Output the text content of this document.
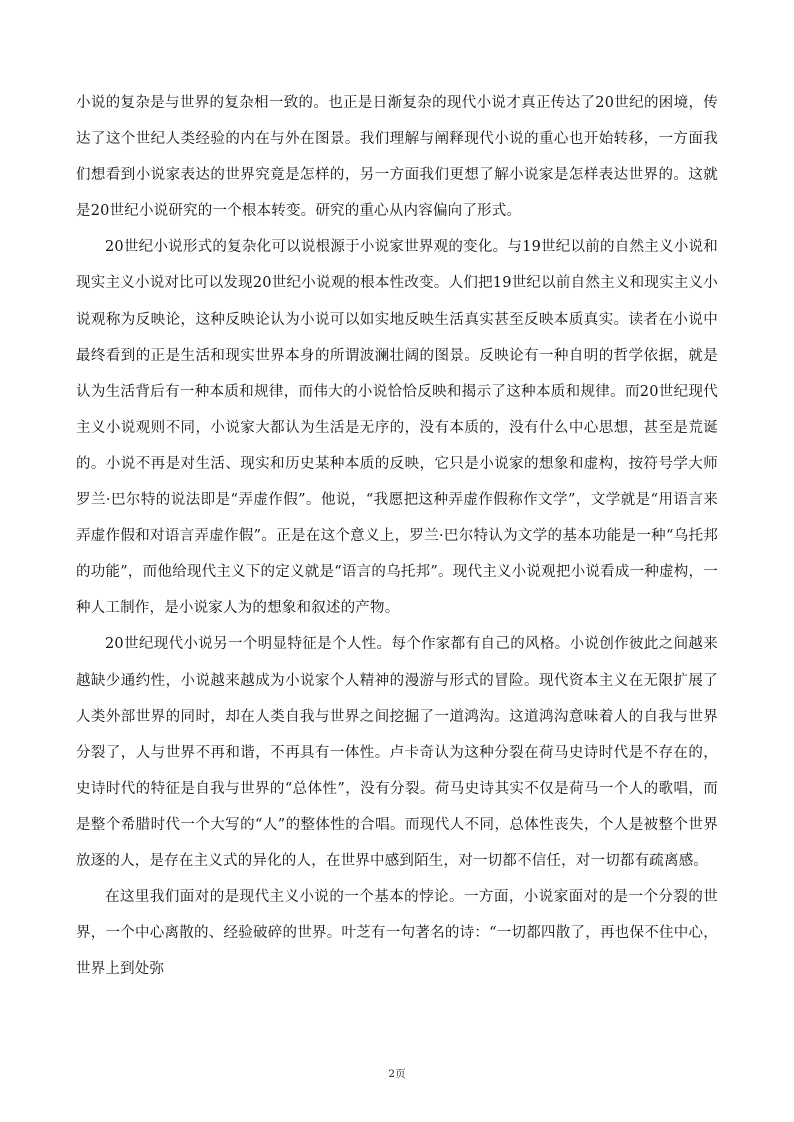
小说的复杂是与世界的复杂相一致的。也正是日渐复杂的现代小说才真正传达了20世纪的困境，传达了这个世纪人类经验的内在与外在图景。我们理解与阐释现代小说的重心也开始转移，一方面我们想看到小说家表达的世界究竟是怎样的，另一方面我们更想了解小说家是怎样表达世界的。这就是20世纪小说研究的一个根本转变。研究的重心从内容偏向了形式。

20世纪小说形式的复杂化可以说根源于小说家世界观的变化。与19世纪以前的自然主义小说和现实主义小说对比可以发现20世纪小说观的根本性改变。人们把19世纪以前自然主义和现实主义小说观称为反映论，这种反映论认为小说可以如实地反映生活真实甚至反映本质真实。读者在小说中最终看到的正是生活和现实世界本身的所谓波澜壮阔的图景。反映论有一种自明的哲学依据，就是认为生活背后有一种本质和规律，而伟大的小说恰恰反映和揭示了这种本质和规律。而20世纪现代主义小说观则不同，小说家大都认为生活是无序的，没有本质的，没有什么中心思想，甚至是荒诞的。小说不再是对生活、现实和历史某种本质的反映，它只是小说家的想象和虚构，按符号学大师罗兰·巴尔特的说法即是“弄虚作假”。他说，“我愿把这种弄虚作假称作文学”，文学就是“用语言来弄虚作假和对语言弄虚作假”。正是在这个意义上，罗兰·巴尔特认为文学的基本功能是一种“乌托邦的功能”，而他给现代主义下的定义就是“语言的乌托邦”。现代主义小说观把小说看成一种虚构，一种人工制作，是小说家人为的想象和叙述的产物。

20世纪现代小说另一个明显特征是个人性。每个作家都有自己的风格。小说创作彼此之间越来越缺少通约性，小说越来越成为小说家个人精神的漫游与形式的冒险。现代资本主义在无限扩展了人类外部世界的同时，却在人类自我与世界之间挖掘了一道鸿沟。这道鸿沟意味着人的自我与世界分裂了，人与世界不再和谐，不再具有一体性。卢卡奇认为这种分裂在荷马史诗时代是不存在的，史诗时代的特征是自我与世界的“总体性”，没有分裂。荷马史诗其实不仅是荷马一个人的歌唱，而是整个希腊时代一个大写的“人”的整体性的合唱。而现代人不同，总体性丧失，个人是被整个世界放逐的人，是存在主义式的异化的人，在世界中感到陌生，对一切都不信任，对一切都有疏离感。

在这里我们面对的是现代主义小说的一个基本的悖论。一方面，小说家面对的是一个分裂的世界，一个中心离散的、经验破碎的世界。叶芝有一句著名的诗：“一切都四散了，再也保不住中心，世界上到处弥

2页
